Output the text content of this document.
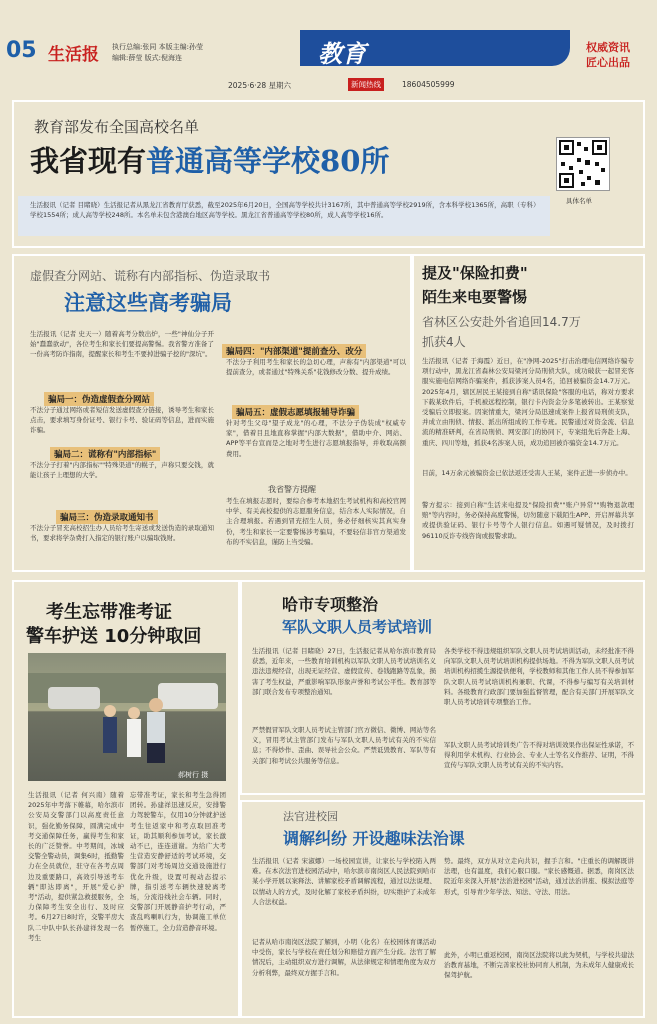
05 生活报 执行总编:张同 本版主编:孙莹
编辑:薛莹 版式:倪海连	教育	权威资讯
匠心出品
2025·6·28 星期六	新闻热线	18604505999
教育部发布全国高校名单
我省现有普通高等学校80所
具体名单
生活报讯（记者 目睹晓）生活报记者从黑龙江省教育厅获悉，截至2025年6月20日，全国高等学校共计3167所，其中普通高等学校2919所，含本科学校1365所，高职（专科）学校1554所；成人高等学校248所。本名单未包含港澳台地区高等学校。黑龙江省普通高等学校80所，成人高等学校16所。
虚假查分网站、谎称有内部指标、伪造录取书
注意这些高考骗局
生活报讯（记者 史天一）随着高考分数出炉，一些"神仙分子开始"蠢蠢欲动"，各位考生和家长们要提高警惕。我省警方准备了一份高考防诈指南，提醒家长和考生不要掉进骗子挖的"深坑"。
骗局一：伪造虚假查分网站
不法分子通过网络或者短信发送虚假查分链接，诱导考生和家长点击，要求填写身份证号、银行卡号、验证码等信息，进而实施诈骗。
骗局二：谎称有"内部指标"
不法分子打着"内部指标""特殊渠道"的幌子，声称只要交钱，就能让孩子上理想的大学。
骗局三：伪造录取通知书
不法分子冒充高校招生办人员给考生寄送或发送伪造的录取通知书，要求将学杂费打入指定的银行账户以骗取钱财。
骗局四："内部渠道"提前查分、改分
不法分子利用考生和家长的急切心理，声称有"内部渠道"可以提前查分，或者通过"特殊关系"花钱修改分数、提升成绩。
骗局五：虚假志愿填报辅导诈骗
针对考生父母"望子成龙"的心理，不法分子伪装成"权威专家"，借着目且地直称掌握"内部大数据"，借助中介、网站、APP等平台宣而是之地对考生进行志愿填报指导，并收取高额费用。
我省警方提醒
考生在填报志愿时，要综合参考本地招生考试机构和高校官网中学、有关高校提供的志愿服务信息，结合本人实际情况，自主合理填报。若遇到冒充招生人员，务必仔细核实其真实身份，考生和家长一定要警惕涉考骗局，不要轻信非官方渠道发布的不实信息，谨防上当受骗。
提及"保险扣费"
陌生来电要警惕
省林区公安赴外省追回14.7万
抓获4人
生活报讯（记者 于海霞）近日，在"净网-2025"打击治理电信网络诈骗专项行动中，黑龙江省森林公安局梁河分局刑侦大队，成功破获一起冒充客服实施电信网络诈骗案件，抓获涉案人员4名，追回被骗资金14.7万元。2025年4月，辖区居民王某接到自称"诺讯保险"客服的电话，称对方要求下载某软件后，手机被远程控制，银行卡内资金分多笔被转出。王某察觉受骗后立即报案。因案情重大，梁河分局迅速成案件上报省局刑侦支队，并成立由刑侦、情报、派出所组成的工作专班。民警通过对资金流、信息流的精准研判，在省局刑侦、网安部门的协同下，专案组先后奔赴上海、重庆、四川等地，抓获4名涉案人员，成功追回被诈骗资金14.7万元。
目前，14万余元被骗资金已依法返还受害人王某，案件正进一步侦办中。
警方提示：接到自称"生活来电提及"保险扣费""账户异常""购物退款理赔"等内容时，务必保持高度警惕，切勿随意下载陌生APP、开启屏幕共享或提供验证码、银行卡号等个人银行信息。如遇可疑情况，及时拨打96110反诈专线咨询或报警求助。
考生忘带准考证
警车护送 10分钟取回
郝树行 摄
生活报讯（记者 何兴南）随着2025年中考落下帷幕，哈尔滨市公安局交警部门以高度责任意识，强化勤务保障，圆满完成中考交通保障任务，赢得考生和家长的广泛赞誉。中考期间，冰城交警全警动员，调集6时，抵勤警力在全员就位，驻守在各考点周边及重要路口，高效引导送考车辆"即达即离"，开展"爱心护考"活动，提供紧急救援服务，全力保障考生安全出行、及时应考。6月27日8时许，交警平房大队二中队中队长孙建祥发现一名考生
忘带准考证，家长和考生急得团团转。孙建祥迅速反应，安排警力驾驶警车，仅用10分钟就护送考生往返家中和考点取回准考证，助其顺利参加考试，家长激动不已，连连道谢。为给广大考生营造安静舒适的考试环境，交警部门对考场周边交通设施进行优化升级，设置可视动态提示牌，指引送考车辆快速驶离考场，分流沿线社会车辆。同时，交警部门开展静音护考行动，严查乱鸣喇叭行为，协调施工单位暂停施工，全力营造静音环境。
哈市专项整治
军队文职人员考试培训
生活报讯（记者 目睹晓）27日，生活报记者从哈尔滨市教育局获悉，近年来，一些教育培训机构以军队文职人员考试培训名义违法违规经营，出现无证经营、虚假宣传、卷钱跑路等乱象，损害了考生权益，严重影响军队形象声誉和考试公平性。教育部等部门联合发布专项整治通知。
严禁假冒军队文职人员考试主管部门官方微信、微博、网站等名义，冒用考试主管部门发布与军队文职人员考试有关的不实信息；不得炒作、歪曲、误导社会公众。严禁诋毁教育、军队等有关部门和考试公共服务等信息。
各类学校不得违规组织军队文职人员考试培训活动，未经批准不得向军队文职人员考试培训机构提供场地。不得为军队文职人员考试培训机构招揽生源提供便利，学校教师和其他工作人员不得参加军队文职人员考试培训机构兼职、代课，不得参与编写有关培训材料。各级教育行政部门要加强监督管理，配合有关部门开展军队文职人员考试培训专项整治工作。
军队文职人员考试培训类广告不得对培训效果作出保证性承诺，不得利用学术机构、行业协会、专业人士等名义作推荐、证明，不得宣传与军队文职人员考试有关的不实内容。
法官进校园
调解纠纷 开设趣味法治课
生活报讯（记者 宋淑娜）一场校园宣讲，让家长与学校陷入两难。在本次法官进校园活动中，哈尔滨市南岗区人民法院到哈市某小学开展以案释法、讲解家校矛盾调解流程，通过以法说理、以情动人的方式，及时化解了家校矛盾纠纷，切实维护了未成年人合法权益。
记者从哈市南岗区法院了解到，小明（化名）在校园体育课活动中受伤，家长与学校在责任划分和赔偿方面产生分歧。法官了解情况后，主动组织双方进行调解，从法律规定和情理角度为双方分析利弊，最终双方握手言和。
势。最终，双方从对立走向共识，握手言和。"庄重长的调解既讲法理，也有温度，我们心服口服。"家长感慨道。据悉，南岗区法院近年来深入开展"法治进校园"活动，通过法治讲座、模拟法庭等形式，引导青少年学法、知法、守法、用法。
此外，小明已重返校园，南岗区法院将以此为契机，与学校共建法治教育基地，不断完善家校社协同育人机制，为未成年人健康成长保驾护航。
